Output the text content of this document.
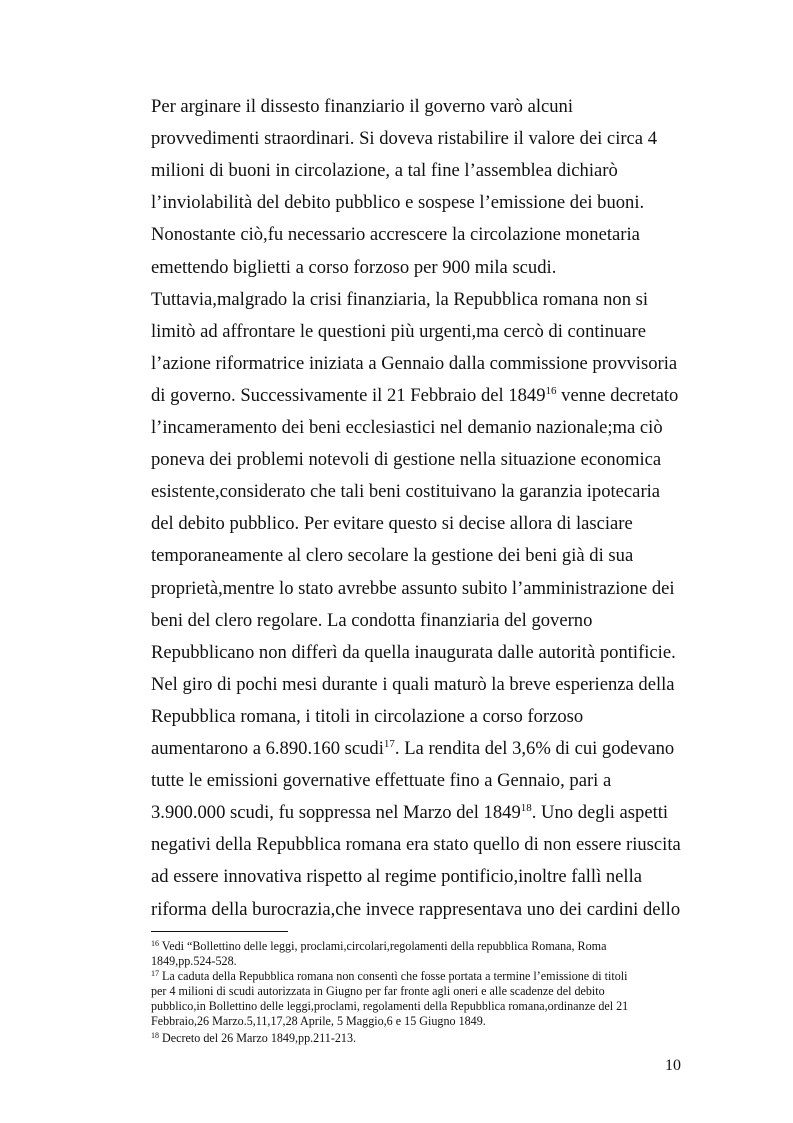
Per arginare il dissesto finanziario il governo varò alcuni
provvedimenti straordinari. Si doveva ristabilire il valore dei circa 4
milioni di buoni in circolazione, a tal fine l’assemblea dichiarò
l’inviolabilità del debito pubblico e sospese l’emissione dei buoni.
Nonostante ciò,fu necessario accrescere la circolazione monetaria
emettendo biglietti a corso forzoso per 900 mila scudi.
Tuttavia,malgrado la crisi finanziaria, la Repubblica romana non si
limitò ad affrontare le questioni più urgenti,ma cercò di continuare
l’azione riformatrice iniziata a Gennaio dalla commissione provvisoria
di governo. Successivamente il 21 Febbraio del 1849$^{16}$ venne decretato
l’incameramento dei beni ecclesiastici nel demanio nazionale;ma ciò
poneva dei problemi notevoli di gestione nella situazione economica
esistente,considerato che tali beni costituivano la garanzia ipotecaria
del debito pubblico. Per evitare questo si decise allora di lasciare
temporaneamente al clero secolare la gestione dei beni già di sua
proprietà,mentre lo stato avrebbe assunto subito l’amministrazione dei
beni del clero regolare. La condotta finanziaria del governo
Repubblicano non differì da quella inaugurata dalle autorità pontificie.
Nel giro di pochi mesi durante i quali maturò la breve esperienza della
Repubblica romana, i titoli in circolazione a corso forzoso
aumentarono a 6.890.160 scudi$^{17}$. La rendita del 3,6% di cui godevano
tutte le emissioni governative effettuate fino a Gennaio, pari a
3.900.000 scudi, fu soppressa nel Marzo del 1849$^{18}$. Uno degli aspetti
negativi della Repubblica romana era stato quello di non essere riuscita
ad essere innovativa rispetto al regime pontificio,inoltre fallì nella
riforma della burocrazia,che invece rappresentava uno dei cardini dello
$^{16}$ Vedi “Bollettino delle leggi, proclami,circolari,regolamenti della repubblica Romana, Roma
1849,pp.524-528.
$^{17}$ La caduta della Repubblica romana non consentì che fosse portata a termine l’emissione di titoli
per 4 milioni di scudi autorizzata in Giugno per far fronte agli oneri e alle scadenze del debito
pubblico,in Bollettino delle leggi,proclami, regolamenti della Repubblica romana,ordinanze del 21
Febbraio,26 Marzo.5,11,17,28 Aprile, 5 Maggio,6 e 15 Giugno 1849.
$^{18}$ Decreto del 26 Marzo 1849,pp.211-213.
10
